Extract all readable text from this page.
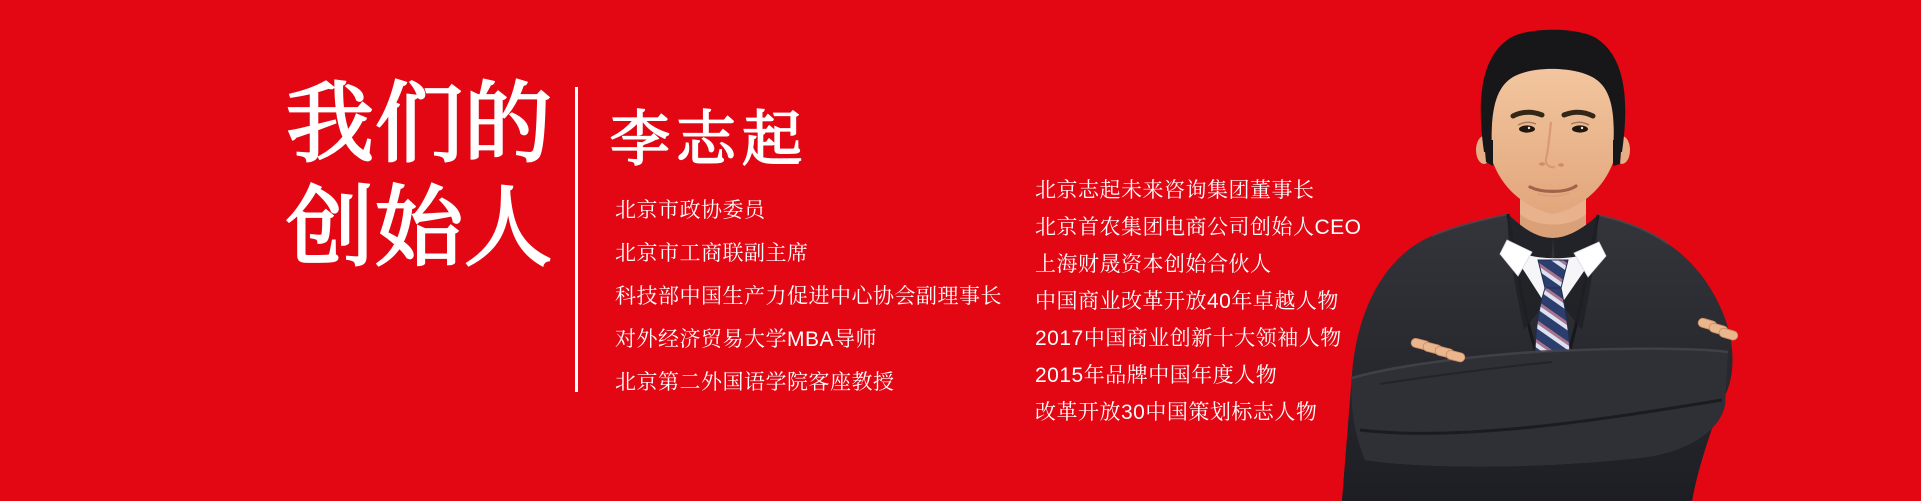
我们的
创始人
李志起
北京市政协委员
北京市工商联副主席
科技部中国生产力促进中心协会副理事长
对外经济贸易大学MBA导师
北京第二外国语学院客座教授
北京志起未来咨询集团董事长
北京首农集团电商公司创始人CEO
上海财晟资本创始合伙人
中国商业改革开放40年卓越人物
2017中国商业创新十大领袖人物
2015年品牌中国年度人物
改革开放30中国策划标志人物
